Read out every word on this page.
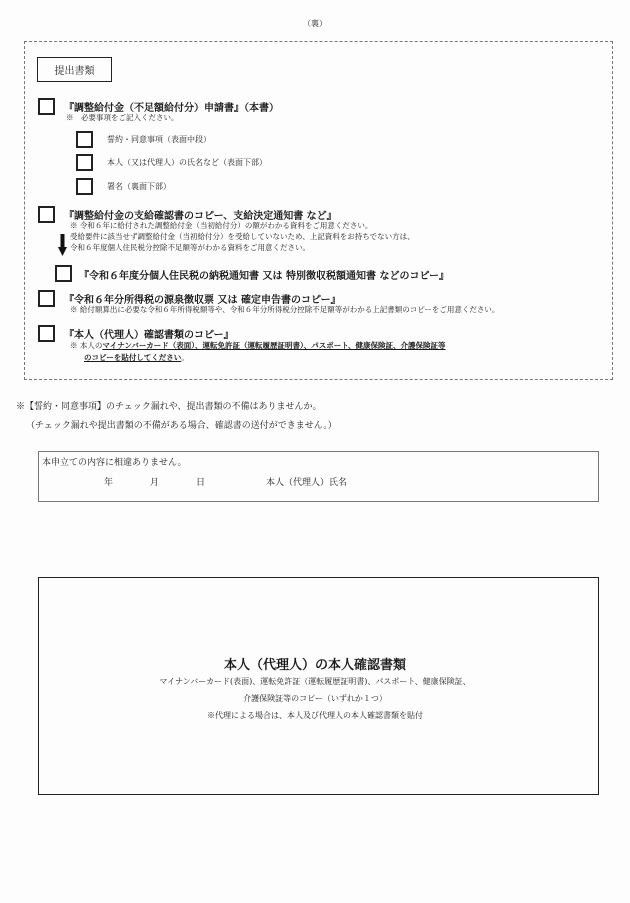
（裏）
提出書類
『調整給付金（不足額給付分）申請書』（本書）
※　必要事項をご記入ください。
誓約・同意事項（表面中段）
本人（又は代理人）の氏名など（表面下部）
署名（裏面下部）
『調整給付金の支給確認書のコピー、支給決定通知書 など』
※ 令和６年に給付された調整給付金（当初給付分）の額がわかる資料をご用意ください。
受給要件に該当せず調整給付金（当初給付分）を受給していないため、上記資料をお持ちでない方は、
令和６年度個人住民税分控除不足額等がわかる資料をご用意ください。
『令和６年度分個人住民税の納税通知書 又は 特別徴収税額通知書 などのコピー』
『令和６年分所得税の源泉徴収票 又は 確定申告書のコピー』
※ 給付額算出に必要な令和６年所得税額等や、令和６年分所得税分控除不足額等がわかる上記書類のコピーをご用意ください。
『本人（代理人）確認書類のコピー』
※ 本人のマイナンバーカード（表面）、運転免許証（運転履歴証明書）、パスポート、健康保険証、介護保険証等
のコピーを貼付してください。
※【誓約・同意事項】のチェック漏れや、提出書類の不備はありませんか。
（チェック漏れや提出書類の不備がある場合、確認書の送付ができません。）
本申立ての内容に相違ありません。
年	月	日	本人（代理人）氏名
本人（代理人）の本人確認書類
マイナンバーカード(表面)、運転免許証（運転履歴証明書)、パスポート、健康保険証、
介護保険証等のコピー（いずれか１つ）
※代理による場合は、本人及び代理人の本人確認書類を貼付
